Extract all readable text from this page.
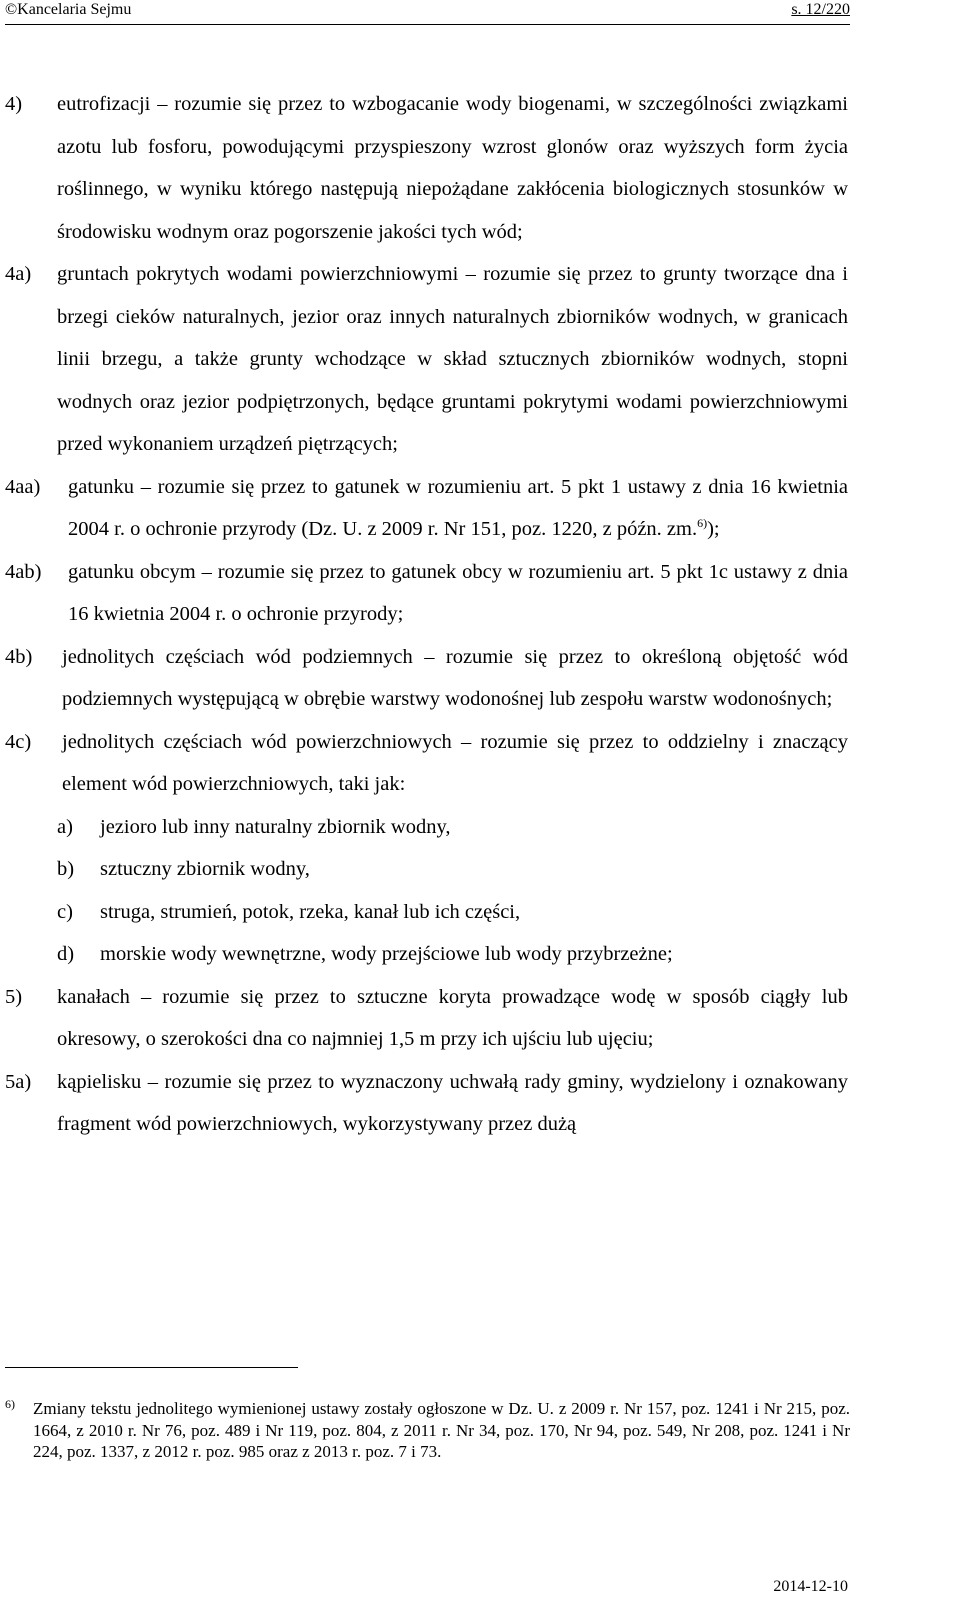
©Kancelaria Sejmu	s. 12/220
4) eutrofizacji – rozumie się przez to wzbogacanie wody biogenami, w szczególności związkami azotu lub fosforu, powodującymi przyspieszony wzrost glonów oraz wyższych form życia roślinnego, w wyniku którego następują niepożądane zakłócenia biologicznych stosunków w środowisku wodnym oraz pogorszenie jakości tych wód;
4a) gruntach pokrytych wodami powierzchniowymi – rozumie się przez to grunty tworzące dna i brzegi cieków naturalnych, jezior oraz innych naturalnych zbiorników wodnych, w granicach linii brzegu, a także grunty wchodzące w skład sztucznych zbiorników wodnych, stopni wodnych oraz jezior podpiętrzonych, będące gruntami pokrytymi wodami powierzchniowymi przed wykonaniem urządzeń piętrzących;
4aa) gatunku – rozumie się przez to gatunek w rozumieniu art. 5 pkt 1 ustawy z dnia 16 kwietnia 2004 r. o ochronie przyrody (Dz. U. z 2009 r. Nr 151, poz. 1220, z późn. zm.$^{6)}$);
4ab) gatunku obcym – rozumie się przez to gatunek obcy w rozumieniu art. 5 pkt 1c ustawy z dnia 16 kwietnia 2004 r. o ochronie przyrody;
4b) jednolitych częściach wód podziemnych – rozumie się przez to określoną objętość wód podziemnych występującą w obrębie warstwy wodonośnej lub zespołu warstw wodonośnych;
4c) jednolitych częściach wód powierzchniowych – rozumie się przez to oddzielny i znaczący element wód powierzchniowych, taki jak:
a) jezioro lub inny naturalny zbiornik wodny,
b) sztuczny zbiornik wodny,
c) struga, strumień, potok, rzeka, kanał lub ich części,
d) morskie wody wewnętrzne, wody przejściowe lub wody przybrzeżne;
5) kanałach – rozumie się przez to sztuczne koryta prowadzące wodę w sposób ciągły lub okresowy, o szerokości dna co najmniej 1,5 m przy ich ujściu lub ujęciu;
5a) kąpielisku – rozumie się przez to wyznaczony uchwałą rady gminy, wydzielony i oznakowany fragment wód powierzchniowych, wykorzystywany przez dużą
6) Zmiany tekstu jednolitego wymienionej ustawy zostały ogłoszone w Dz. U. z 2009 r. Nr 157, poz. 1241 i Nr 215, poz. 1664, z 2010 r. Nr 76, poz. 489 i Nr 119, poz. 804, z 2011 r. Nr 34, poz. 170, Nr 94, poz. 549, Nr 208, poz. 1241 i Nr 224, poz. 1337, z 2012 r. poz. 985 oraz z 2013 r. poz. 7 i 73.
2014-12-10
